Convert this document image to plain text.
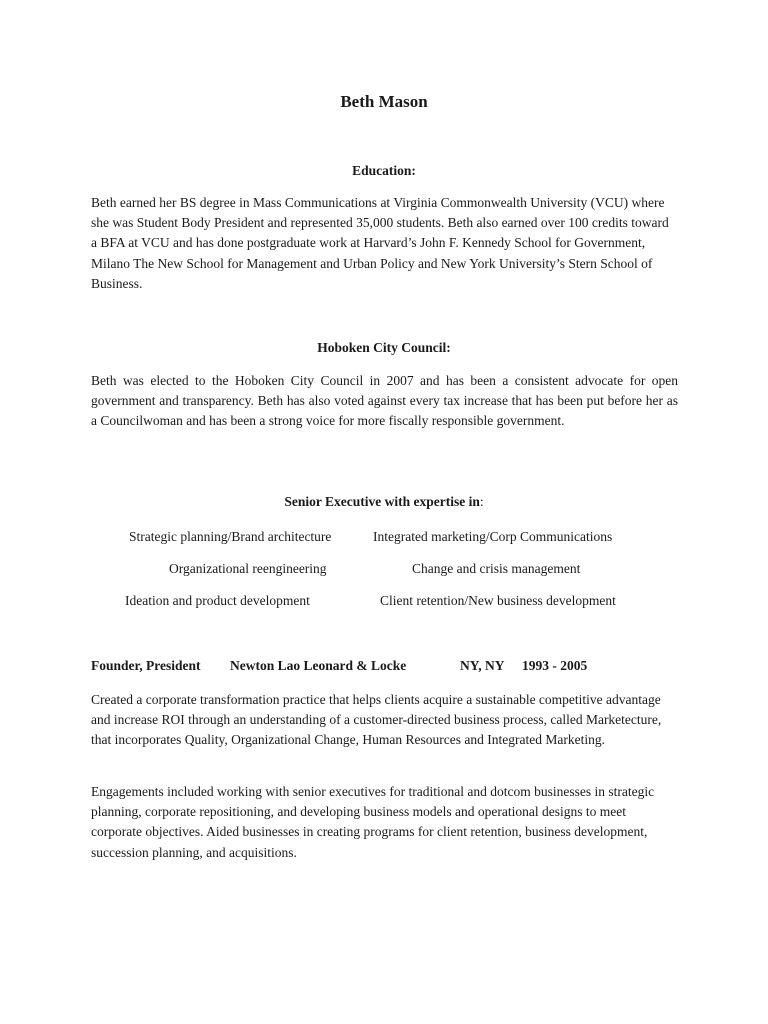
Beth Mason
Education:

Beth earned her BS degree in Mass Communications at Virginia Commonwealth University (VCU) where she was Student Body President and represented 35,000 students. Beth also earned over 100 credits toward a BFA at VCU and has done postgraduate work at Harvard’s John F. Kennedy School for Government, Milano The New School for Management and Urban Policy and New York University’s Stern School of Business.

Hoboken City Council:

Beth was elected to the Hoboken City Council in 2007 and has been a consistent advocate for open government and transparency. Beth has also voted against every tax increase that has been put before her as a Councilwoman and has been a strong voice for more fiscally responsible government.

Senior Executive with expertise in:
Strategic planning/Brand architecture	Integrated marketing/Corp Communications
Organizational reengineering	Change and crisis management
Ideation and product development	Client retention/New business development
Founder, President Newton Lao Leonard & Locke	NY, NY 1993 - 2005

Created a corporate transformation practice that helps clients acquire a sustainable competitive advantage and increase ROI through an understanding of a customer-directed business process, called Marketecture, that incorporates Quality, Organizational Change, Human Resources and Integrated Marketing.

Engagements included working with senior executives for traditional and dotcom businesses in strategic planning, corporate repositioning, and developing business models and operational designs to meet corporate objectives. Aided businesses in creating programs for client retention, business development, succession planning, and acquisitions.
